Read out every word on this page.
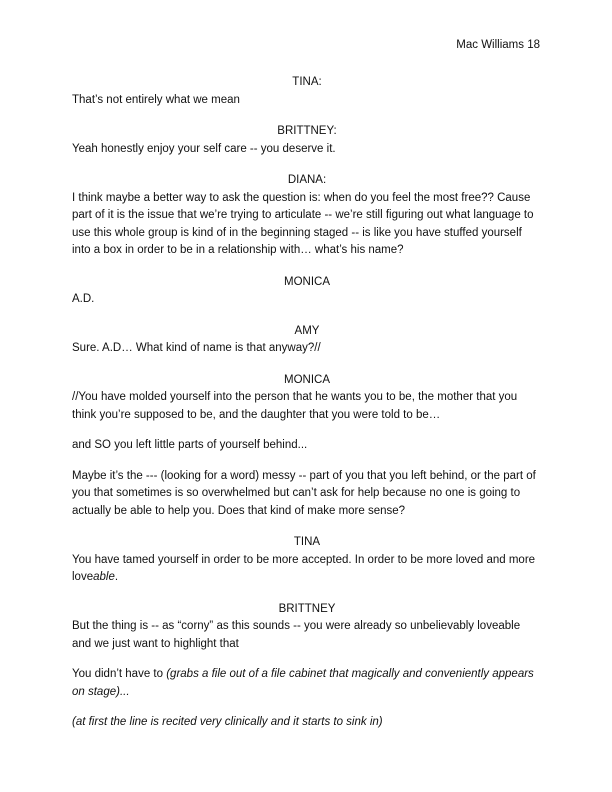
Mac Williams 18

TINA:

That’s not entirely what we mean

BRITTNEY:

Yeah honestly enjoy your self care -- you deserve it.

DIANA:

I think maybe a better way to ask the question is: when do you feel the most free?? Cause part of it is the issue that we’re trying to articulate -- we’re still figuring out what language to use this whole group is kind of in the beginning staged -- is like you have stuffed yourself into a box in order to be in a relationship with… what’s his name?

MONICA

A.D.

AMY

Sure. A.D… What kind of name is that anyway?//

MONICA

//You have molded yourself into the person that he wants you to be, the mother that you think you’re supposed to be, and the daughter that you were told to be…

and SO you left little parts of yourself behind...

Maybe it’s the --- (looking for a word) messy -- part of you that you left behind, or the part of you that sometimes is so overwhelmed but can’t ask for help because no one is going to actually be able to help you. Does that kind of make more sense?

TINA

You have tamed yourself in order to be more accepted. In order to be more loved and more loveable.

BRITTNEY

But the thing is -- as “corny” as this sounds -- you were already so unbelievably loveable and we just want to highlight that

You didn’t have to (grabs a file out of a file cabinet that magically and conveniently appears on stage)...

(at first the line is recited very clinically and it starts to sink in)
